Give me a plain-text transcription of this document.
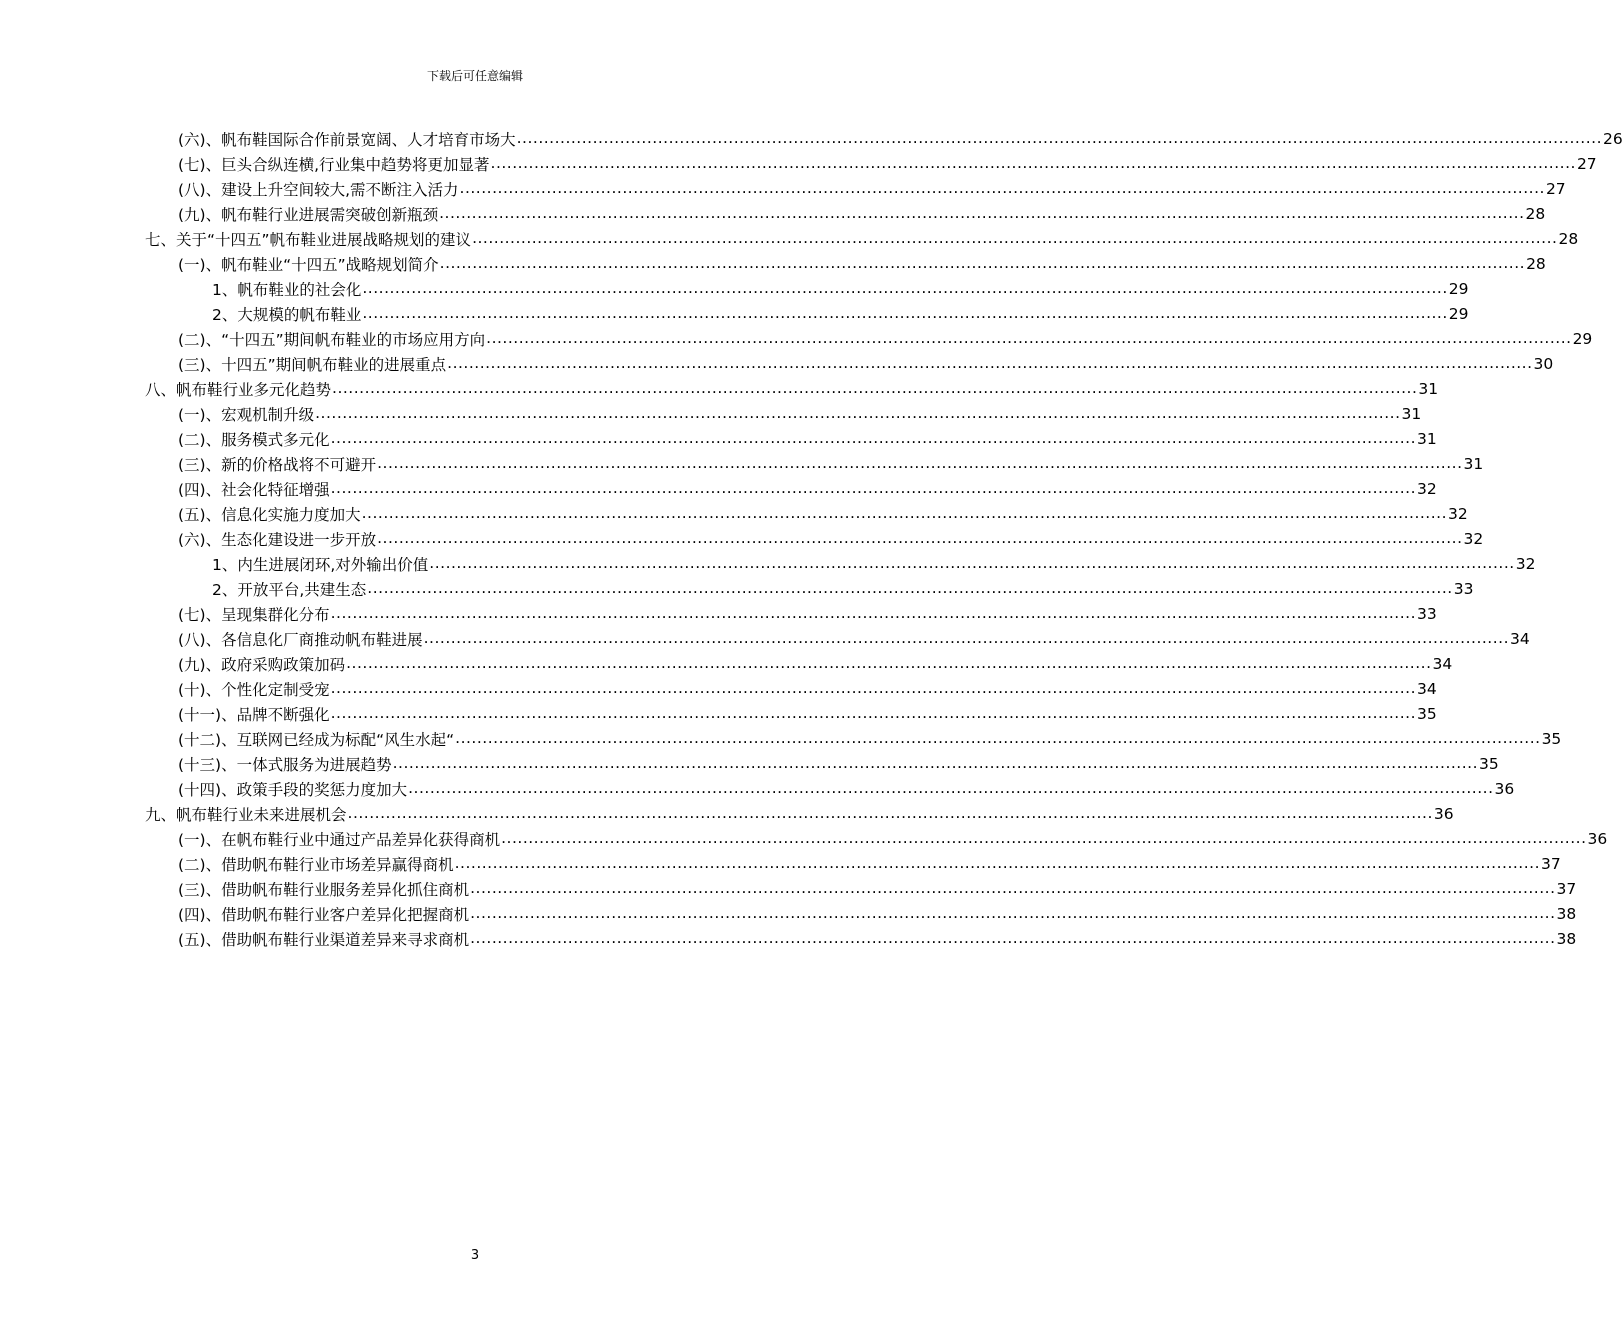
下载后可任意编辑
(六)、帆布鞋国际合作前景宽阔、人才培育市场大 ........................................................................................................................................................................................................ 26
(七)、巨头合纵连横,行业集中趋势将更加显著 ........................................................................................................................................................................................................ 27
(八)、建设上升空间较大,需不断注入活力 ........................................................................................................................................................................................................ 27
(九)、帆布鞋行业进展需突破创新瓶颈 ........................................................................................................................................................................................................ 28
七、关于“十四五”帆布鞋业进展战略规划的建议 ........................................................................................................................................................................................................ 28
(一)、帆布鞋业“十四五”战略规划简介 ........................................................................................................................................................................................................ 28
1、帆布鞋业的社会化 ........................................................................................................................................................................................................ 29
2、大规模的帆布鞋业 ........................................................................................................................................................................................................ 29
(二)、“十四五”期间帆布鞋业的市场应用方向 ........................................................................................................................................................................................................ 29
(三)、十四五”期间帆布鞋业的进展重点 ........................................................................................................................................................................................................ 30
八、帆布鞋行业多元化趋势 ........................................................................................................................................................................................................ 31
(一)、宏观机制升级 ........................................................................................................................................................................................................ 31
(二)、服务模式多元化 ........................................................................................................................................................................................................ 31
(三)、新的价格战将不可避开 ........................................................................................................................................................................................................ 31
(四)、社会化特征增强 ........................................................................................................................................................................................................ 32
(五)、信息化实施力度加大 ........................................................................................................................................................................................................ 32
(六)、生态化建设进一步开放 ........................................................................................................................................................................................................ 32
1、内生进展闭环,对外输出价值 ........................................................................................................................................................................................................ 32
2、开放平台,共建生态 ........................................................................................................................................................................................................ 33
(七)、呈现集群化分布 ........................................................................................................................................................................................................ 33
(八)、各信息化厂商推动帆布鞋进展 ........................................................................................................................................................................................................ 34
(九)、政府采购政策加码 ........................................................................................................................................................................................................ 34
(十)、个性化定制受宠 ........................................................................................................................................................................................................ 34
(十一)、品牌不断强化 ........................................................................................................................................................................................................ 35
(十二)、互联网已经成为标配“风生水起“ ........................................................................................................................................................................................................ 35
(十三)、一体式服务为进展趋势 ........................................................................................................................................................................................................ 35
(十四)、政策手段的奖惩力度加大 ........................................................................................................................................................................................................ 36
九、帆布鞋行业未来进展机会 ........................................................................................................................................................................................................ 36
(一)、在帆布鞋行业中通过产品差异化获得商机 ........................................................................................................................................................................................................ 36
(二)、借助帆布鞋行业市场差异赢得商机 ........................................................................................................................................................................................................ 37
(三)、借助帆布鞋行业服务差异化抓住商机 ........................................................................................................................................................................................................ 37
(四)、借助帆布鞋行业客户差异化把握商机 ........................................................................................................................................................................................................ 38
(五)、借助帆布鞋行业渠道差异来寻求商机 ........................................................................................................................................................................................................ 38
3
